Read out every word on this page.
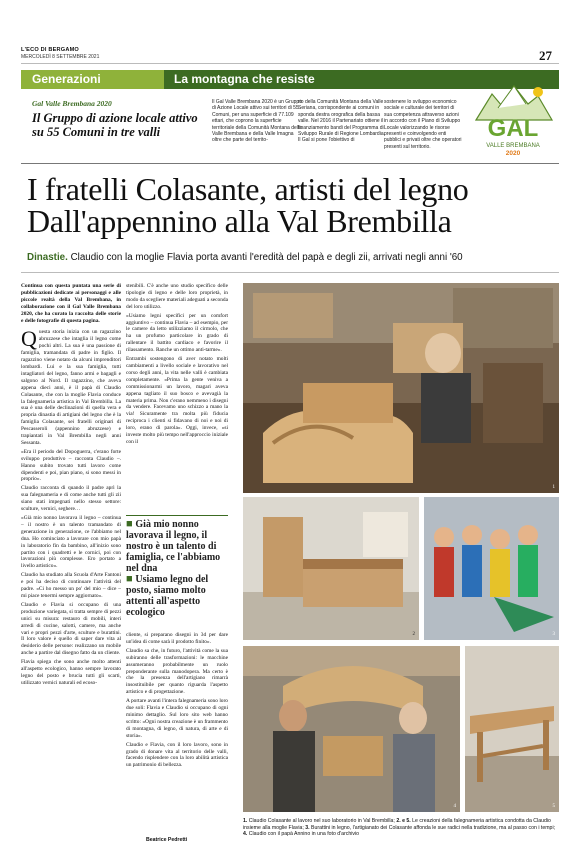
L'ECO DI BERGAMO
MERCOLEDÌ 8 SETTEMBRE 2021	27
Generazioni	La montagna che resiste
Gal Valle Brembana 2020
Il Gruppo di azione locale attivo su 55 Comuni in tre valli
Il Gal Valle Brembana 2020 è un Gruppo di Azione Locale attivo sui territori di 55 Comuni, per una superficie di 77.109 ettari, che coprono la superficie territoriale della Comunità Montana della Valle Brembana e della Valle Imagna oltre che parte del territo-
rio della Comunità Montana della Valle Seriana, corrispondente ai comuni in sponda destra orografica della bassa valle. Nel 2016 il Partenariato ottiene il finanziamento bandi del Programma di Sviluppo Rurale di Regione Lombardia. Il Gal si pone l'obiettivo di
sostenere lo sviluppo economico sociale e culturale dei territori di sua competenza attraverso azioni in accordo con il Piano di Sviluppo Locale valorizzando le risorse presenti e coinvolgendo enti pubblici e privati oltre che operatori presenti sul territorio.
GAL
VALLE BREMBANA
2020
I fratelli Colasante, artisti del legno
Dall'appennino alla Val Brembilla
Dinastie. Claudio con la moglie Flavia porta avanti l'eredità del papà e degli zii, arrivati negli anni '60

Continua con questa puntata una serie di pubblicazioni dedicate ai personaggi e alle piccole realtà della Val Brembana, in collaborazione con il Gal Valle Brembana 2020, che ha curato la raccolta delle storie e delle fotografie di questa pagina.

Questa storia inizia con un ragazzino abruzzese che intaglia il legno come pochi altri. La sua è una passione di famiglia, tramandata di padre in figlio. Il ragazzino viene notato da alcuni imprenditori lombardi. Lui e la sua famiglia, tutti intagliatori del legno, fanno armi e bagagli e salgono al Nord. Il ragazzino, che aveva appena dieci anni, è il papà di Claudio Colasante, che con la moglie Flavia conduce la falegnameria artistica in Val Brembilla. La sua è una delle declinazioni di quella vera e propria dinastia di artigiani del legno che è la famiglia Colasante, sei fratelli originari di Pescasseroli (appennino abruzzese) e trapiantati in Val Brembilla negli anni Sessanta.

«Era il periodo del Dopoguerra, c'erano forte sviluppo produttivo – racconta Claudio –. Hanno subito trovato tutti lavoro come dipendenti e poi, pian piano, si sono messi in proprio».

Claudio racconta di quando il padre aprì la sua falegnameria e di come anche tutti gli zii siano stati impegnati nello stesso settore: sculture, vernici, seghere…

«Già mio nonno lavorava il legno – continua – il nostro è un talento tramandato di generazione in generazione, ce l'abbiamo nel dna. Ho cominciato a lavorare con mio papà in laboratorio fin da bambino, all'inizio sono partito con i quadretti e le cornici, poi con lavorazioni più complesse. Ero portato a livello artistico».

Claudio ha studiato alla Scuola d'Arte Fantoni e poi ha deciso di continuare l'attività del padre. «Ci ho messo un po' del mio – dice – mi piace tenermi sempre aggiornato».

Claudio e Flavia si occupano di una produzione variegata, si tratta sempre di pezzi unici su misura: restauro di mobili, interi arredi di cucine, salotti, camere, ma anche vari e propri pezzi d'arte, sculture e burattini. Il loro valore è quello di saper dare vita al desiderio delle persone: realizzano un mobile anche a partire dal disegno fatto da un cliente.

Flavia spiega che sono anche molto attenti all'aspetto ecologico, hanno sempre lavorato legno del posto e brucia tutti gli scarti, utilizzato vernici naturali ed ecoso-

stenibili. C'è anche uno studio specifico delle tipologie di legno e delle loro proprietà, in modo da scegliere materiali adeguati a seconda del loro utilizzo.

«Usiamo legni specifici per un comfort aggiuntivo – continua Flavia – ad esempio, per le camere da letto utilizziamo il cirmolo, che ha un profumo particolare in grado di rallentare il battito cardiaco e favorire il rilassamento. Ranche un ottimo anti-tarme».

Entrambi sostengono di aver notato molti cambiamenti a livello sociale e lavorativo nel corso degli anni, la vita nelle valli è cambiata completamente. «Prima la gente veniva a commissionarmi un lavoro, magari aveva appena tagliato il suo bosco e avevagià la materia prima. Non c'erano nemmeno i disegni da vendere. Facevamo uno schizzo a mano la via! Sicuramente tra molta più fiducia reciproca i clienti si fidavano di noi e noi di loro, erano di parola». Oggi, invece, «si investe molto più tempo nell'approccio iniziale con il

■ Già mio nonno lavorava il legno, il nostro è un talento di famiglia, ce l'abbiamo nel dna
■ Usiamo legno del posto, siamo molto attenti all'aspetto ecologico

cliente, si preparano disegni in 3d per dare un'idea di come sarà il prodotto finito».

Claudio sa che, in futuro, l'attività come la sua subiranno delle trasformazioni: le macchine assumeranno probabilmente un ruolo preponderante sulla manodopera. Ma certo è che la presenza dell'artigiano rimarrà insostituibile per quanto riguarda l'aspetto artistico e di progettazione.

A portare avanti l'intera falegnameria sono loro due soli: Flavia e Claudio si occupano di ogni minimo dettaglio. Sul loro sito web hanno scritto: «Ogni nostra creazione è un frammento di montagna, di legno, di natura, di arte e di storia».

Claudio e Flavia, con il loro lavoro, sono in grado di donare vita al territorio delle valli, facendo risplendere con la loro abilità artistica un patrimonio di bellezza.

Beatrice Pedretti
1
2	3
4	5
1. Claudio Colasante al lavoro nel suo laboratorio in Val Brembilla; 2. e 5. Le creazioni della falegnameria artistica condotta da Claudio insieme alla moglie Flavia; 3. Burattini in legno, l'artigianato dei Colasante affonda le sue radici nella tradizione, ma al passo con i tempi; 4. Claudio con il papà Annino in una foto d'archivio
